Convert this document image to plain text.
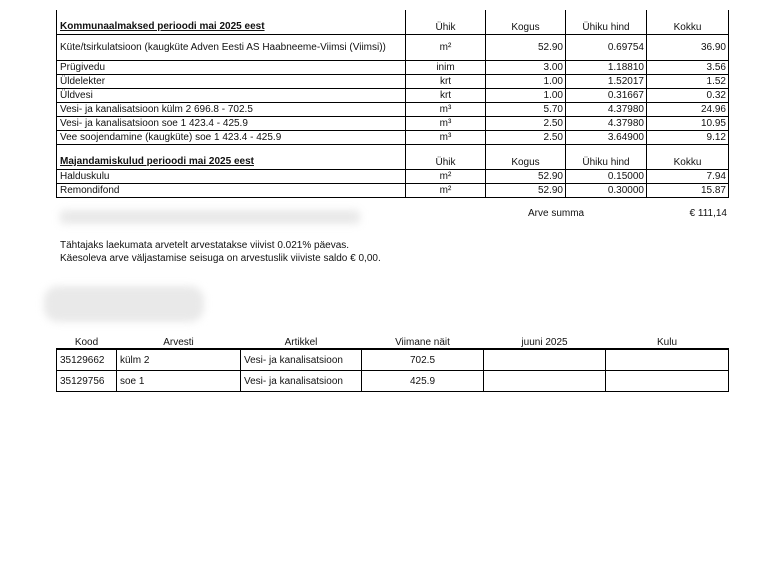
Kommunaalmaksed perioodi mai 2025 eest	Ühik	Kogus	Ühiku hind	Kokku
Küte/tsirkulatsioon (kaugküte Adven Eesti AS Haabneeme-Viimsi (Viimsi))	m²	52.90	0.69754	36.90
Prügivedu	inim	3.00	1.18810	3.56
Üldelekter	krt	1.00	1.52017	1.52
Üldvesi	krt	1.00	0.31667	0.32
Vesi- ja kanalisatsioon külm 2 696.8 - 702.5	m³	5.70	4.37980	24.96
Vesi- ja kanalisatsioon soe 1 423.4 - 425.9	m³	2.50	4.37980	10.95
Vee soojendamine (kaugküte) soe 1 423.4 - 425.9	m³	2.50	3.64900	9.12
Majandamiskulud perioodi mai 2025 eest	Ühik	Kogus	Ühiku hind	Kokku
Halduskulu	m²	52.90	0.15000	7.94
Remondifond	m²	52.90	0.30000	15.87
Arve summa	€ 111,14
Tähtajaks laekumata arvetelt arvestatakse viivist 0.021% päevas.
Käesoleva arve väljastamise seisuga on arvestuslik viiviste saldo € 0,00.
Kood	Arvesti	Artikkel	Viimane näit	juuni 2025	Kulu
35129662	külm 2	Vesi- ja kanalisatsioon	702.5		
35129756	soe 1	Vesi- ja kanalisatsioon	425.9		
